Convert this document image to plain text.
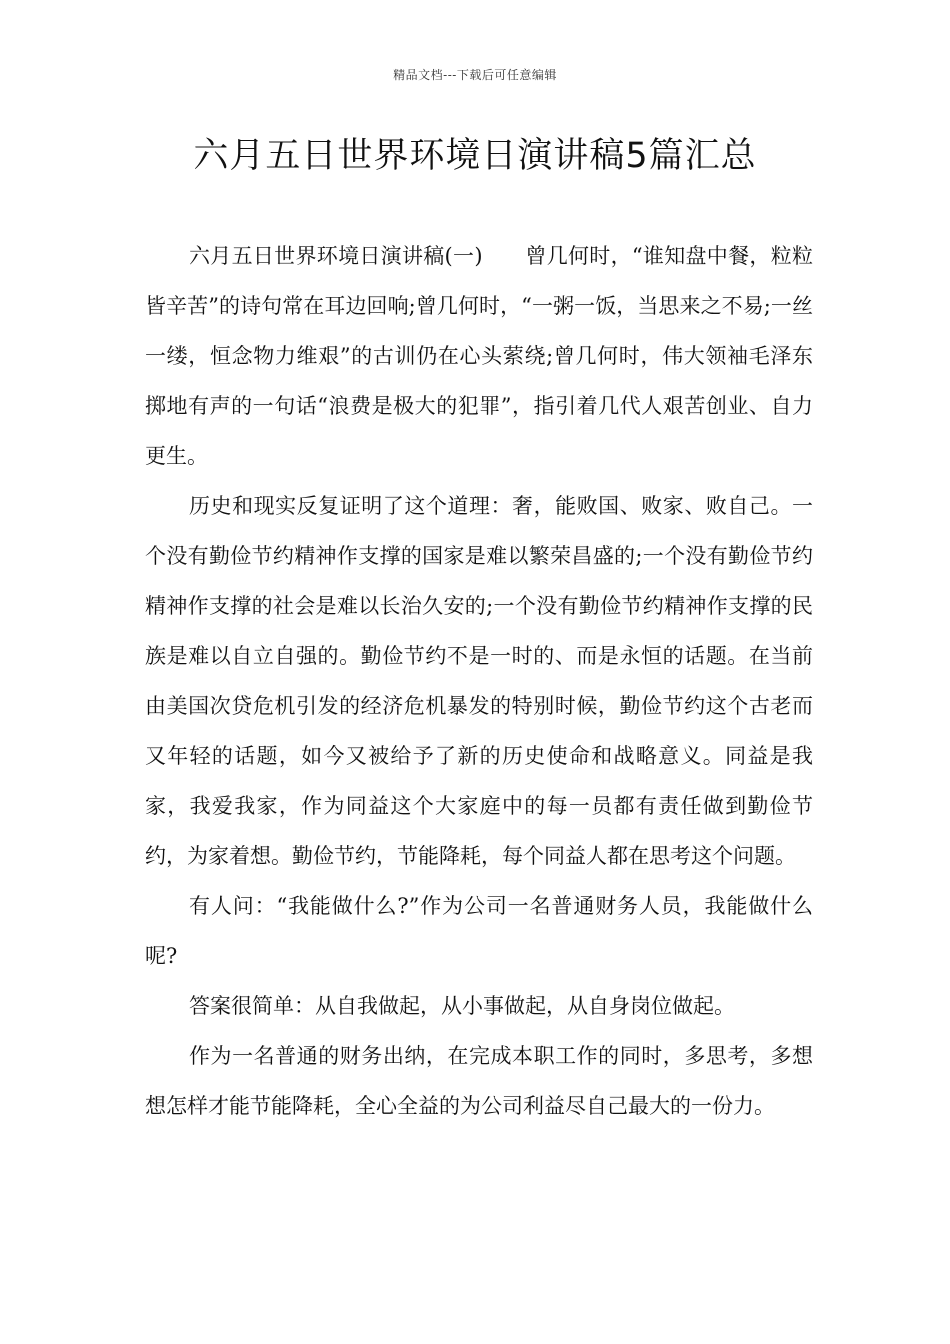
精品文档---下载后可任意编辑
六月五日世界环境日演讲稿5篇汇总

六月五日世界环境日演讲稿(一)　　曾几何时，“谁知盘中餐，粒粒皆辛苦”的诗句常在耳边回响;曾几何时，“一粥一饭，当思来之不易;一丝一缕，恒念物力维艰”的古训仍在心头萦绕;曾几何时，伟大领袖毛泽东掷地有声的一句话“浪费是极大的犯罪”，指引着几代人艰苦创业、自力更生。

历史和现实反复证明了这个道理：奢，能败国、败家、败自己。一个没有勤俭节约精神作支撑的国家是难以繁荣昌盛的;一个没有勤俭节约精神作支撑的社会是难以长治久安的;一个没有勤俭节约精神作支撑的民族是难以自立自强的。勤俭节约不是一时的、而是永恒的话题。在当前由美国次贷危机引发的经济危机暴发的特别时候，勤俭节约这个古老而又年轻的话题，如今又被给予了新的历史使命和战略意义。同益是我家，我爱我家，作为同益这个大家庭中的每一员都有责任做到勤俭节约，为家着想。勤俭节约，节能降耗，每个同益人都在思考这个问题。

有人问：“我能做什么?”作为公司一名普通财务人员，我能做什么呢?

答案很简单：从自我做起，从小事做起，从自身岗位做起。

作为一名普通的财务出纳，在完成本职工作的同时，多思考，多想想怎样才能节能降耗，全心全益的为公司利益尽自己最大的一份力。
